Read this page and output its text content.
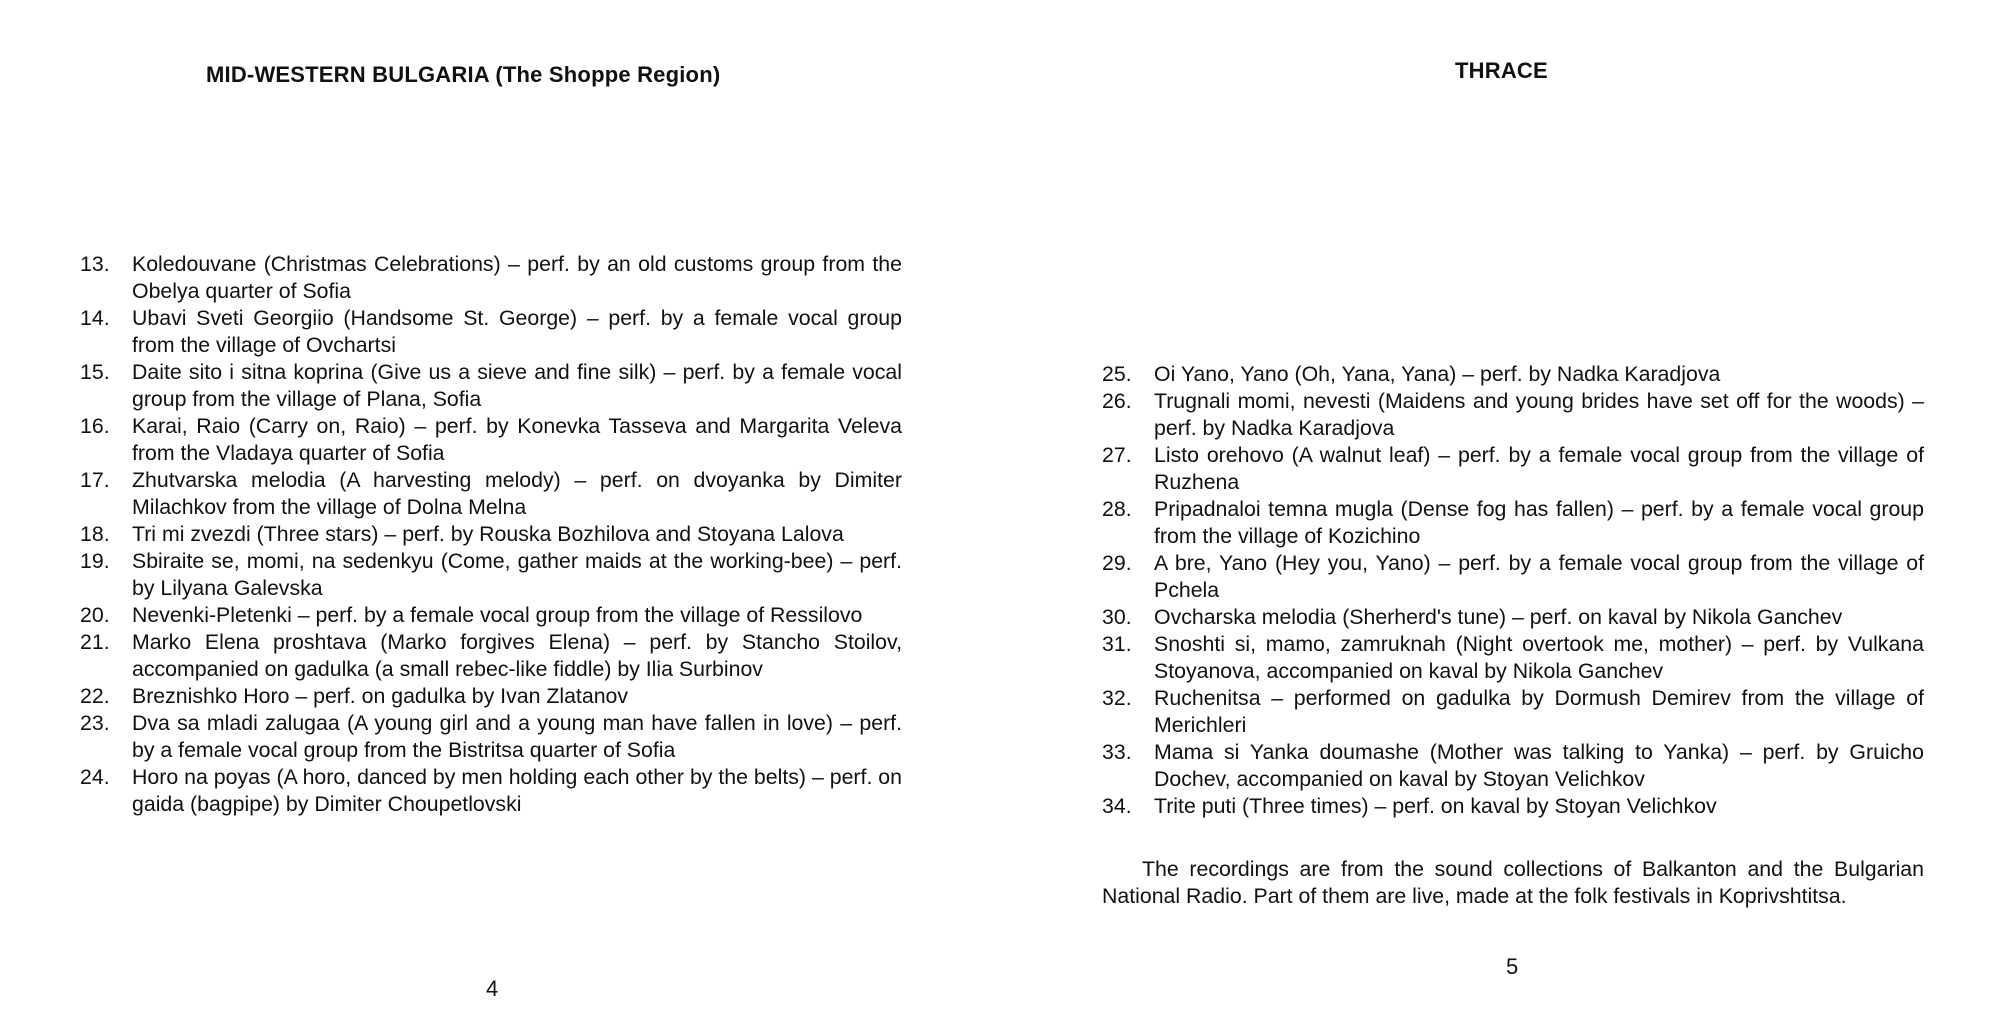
MID-WESTERN BULGARIA (The Shoppe Region)
13.	Koledouvane (Christmas Celebrations) – perf. by an old customs group from the Obelya quarter of Sofia
14.	Ubavi Sveti Georgiio (Handsome St. George) – perf. by a female vocal group from the village of Ovchartsi
15.	Daite sito i sitna koprina (Give us a sieve and fine silk) – perf. by a female vocal group from the village of Plana, Sofia
16.	Karai, Raio (Carry on, Raio) – perf. by Konevka Tasseva and Margarita Veleva from the Vladaya quarter of Sofia
17.	Zhutvarska melodia (A harvesting melody) – perf. on dvoyanka by Dimiter Milachkov from the village of Dolna Melna
18.	Tri mi zvezdi (Three stars) – perf. by Rouska Bozhilova and Stoyana Lalova
19.	Sbiraite se, momi, na sedenkyu (Come, gather maids at the working-bee) – perf. by Lilyana Galevska
20.	Nevenki-Pletenki – perf. by a female vocal group from the village of Ressilovo
21.	Marko Elena proshtava (Marko forgives Elena) – perf. by Stancho Stoilov, accompanied on gadulka (a small rebec-like fiddle) by Ilia Surbinov
22.	Breznishko Horo – perf. on gadulka by Ivan Zlatanov
23.	Dva sa mladi zalugaa (A young girl and a young man have fallen in love) – perf. by a female vocal group from the Bistritsa quarter of Sofia
24.	Horo na poyas (A horo, danced by men holding each other by the belts) – perf. on gaida (bagpipe) by Dimiter Choupetlovski
4
THRACE
25.	Oi Yano, Yano (Oh, Yana, Yana) – perf. by Nadka Karadjova
26.	Trugnali momi, nevesti (Maidens and young brides have set off for the woods) – perf. by Nadka Karadjova
27.	Listo orehovo (A walnut leaf) – perf. by a female vocal group from the village of Ruzhena
28.	Pripadnaloi temna mugla (Dense fog has fallen) – perf. by a female vocal group from the village of Kozichino
29.	A bre, Yano (Hey you, Yano) – perf. by a female vocal group from the village of Pchela
30.	Ovcharska melodia (Sherherd's tune) – perf. on kaval by Nikola Ganchev
31.	Snoshti si, mamo, zamruknah (Night overtook me, mother) – perf. by Vulkana Stoyanova, accompanied on kaval by Nikola Ganchev
32.	Ruchenitsa – performed on gadulka by Dormush Demirev from the village of Merichleri
33.	Mama si Yanka doumashe (Mother was talking to Yanka) – perf. by Gruicho Dochev, accompanied on kaval by Stoyan Velichkov
34.	Trite puti (Three times) – perf. on kaval by Stoyan Velichkov

The recordings are from the sound collections of Balkanton and the Bulgarian National Radio. Part of them are live, made at the folk festivals in Koprivshtitsa.

5
